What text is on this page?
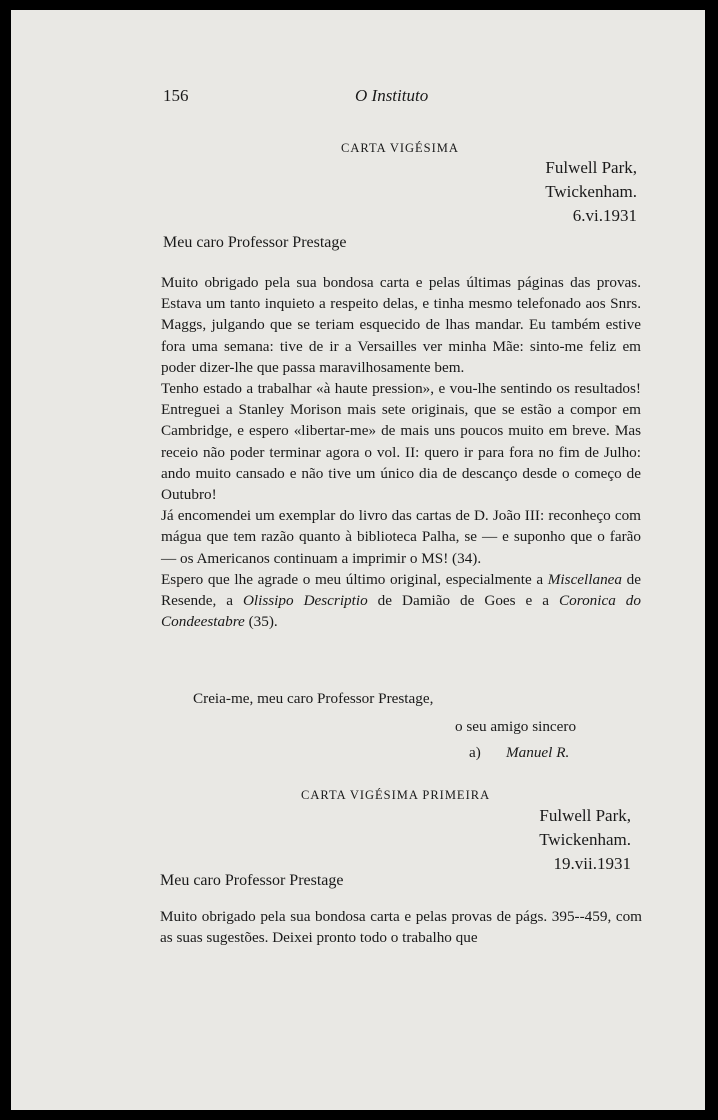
156	O Instituto
CARTA VIGÉSIMA
Fulwell Park,
Twickenham.
6.vi.1931
Meu caro Professor Prestage

Muito obrigado pela sua bondosa carta e pelas últimas páginas das provas. Estava um tanto inquieto a respeito delas, e tinha mesmo telefonado aos Snrs. Maggs, julgando que se teriam esquecido de lhas mandar. Eu também estive fora uma semana: tive de ir a Versailles ver minha Mãe: sinto-me feliz em poder dizer-lhe que passa maravilhosamente bem.

Tenho estado a trabalhar «à haute pression», e vou-lhe sentindo os resultados! Entreguei a Stanley Morison mais sete originais, que se estão a compor em Cambridge, e espero «libertar-me» de mais uns poucos muito em breve. Mas receio não poder terminar agora o vol. II: quero ir para fora no fim de Julho: ando muito cansado e não tive um único dia de descanço desde o começo de Outubro!

Já encomendei um exemplar do livro das cartas de D. João III: reconheço com mágua que tem razão quanto à biblioteca Palha, se — e suponho que o farão — os Americanos continuam a imprimir o MS! (34).

Espero que lhe agrade o meu último original, especialmente a Miscellanea de Resende, a Olissipo Descriptio de Damião de Goes e a Coronica do Condeestabre (35).

Creia-me, meu caro Professor Prestage,
o seu amigo sincero
a) Manuel R.
CARTA VIGÉSIMA PRIMEIRA
Fulwell Park,
Twickenham.
19.vii.1931
Meu caro Professor Prestage

Muito obrigado pela sua bondosa carta e pelas provas de págs. 395--459, com as suas sugestões. Deixei pronto todo o trabalho que
